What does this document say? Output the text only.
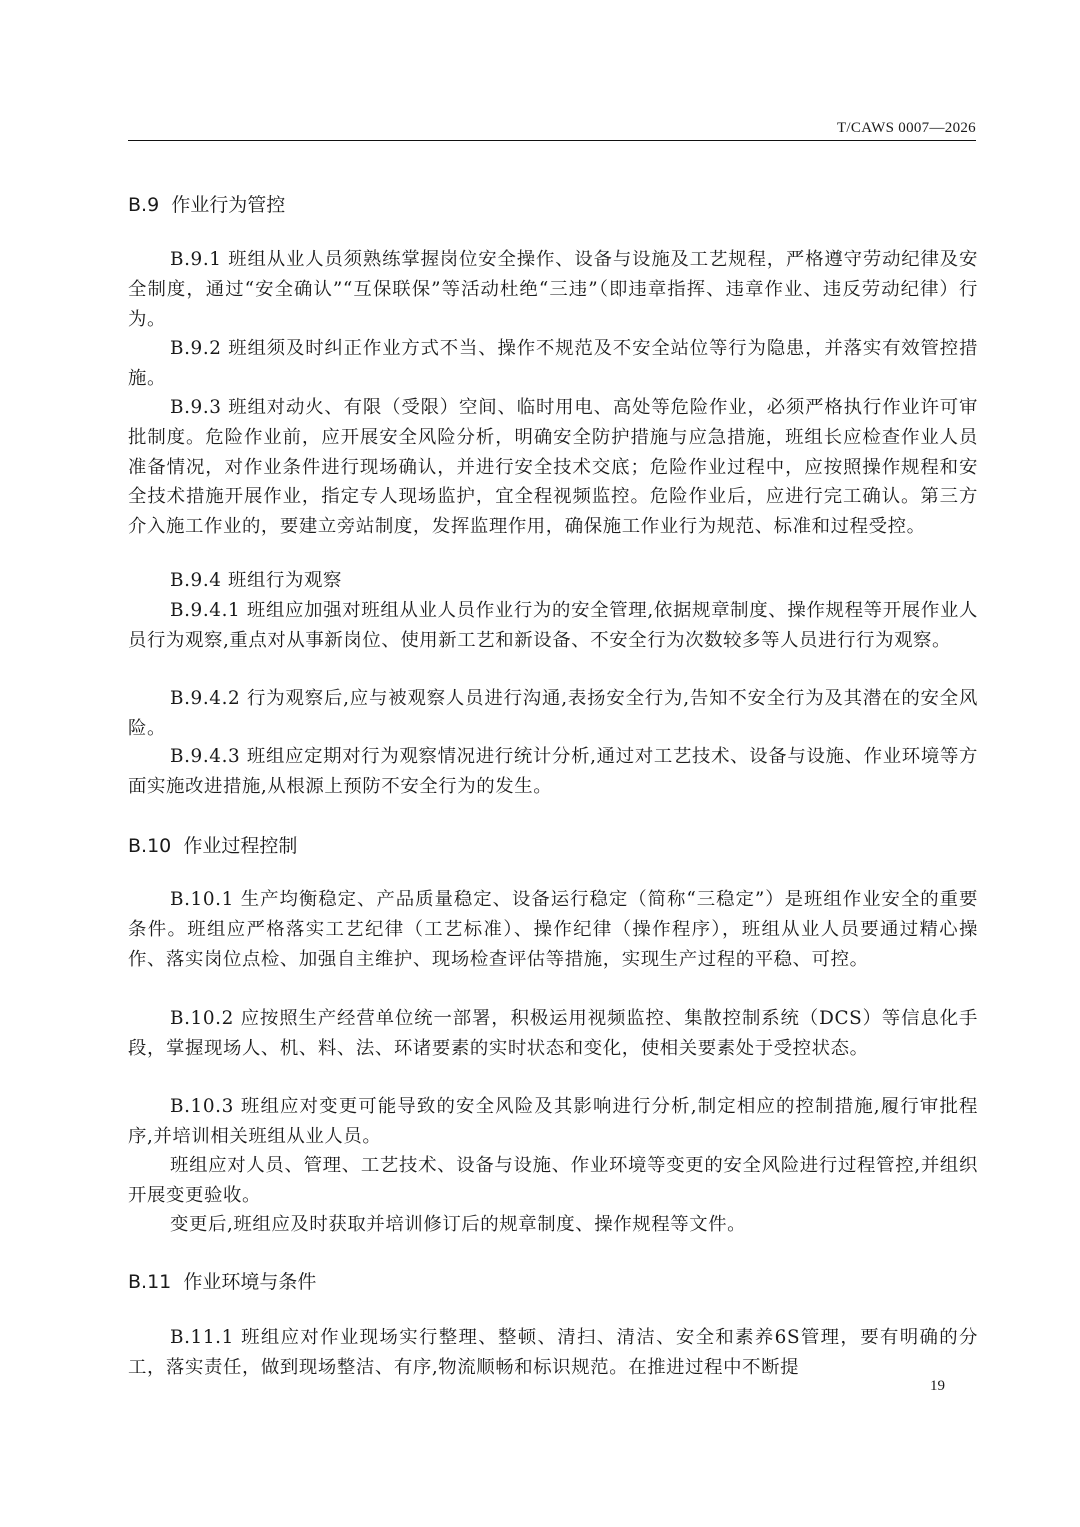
T/CAWS 0007—2026
B.9  作业行为管控
B.9.1 班组从业人员须熟练掌握岗位安全操作、设备与设施及工艺规程，严格遵守劳动纪律及安全制度，通过“安全确认”“互保联保”等活动杜绝“三违”（即违章指挥、违章作业、违反劳动纪律）行为。
B.9.2 班组须及时纠正作业方式不当、操作不规范及不安全站位等行为隐患，并落实有效管控措施。
B.9.3 班组对动火、有限（受限）空间、临时用电、高处等危险作业，必须严格执行作业许可审批制度。危险作业前，应开展安全风险分析，明确安全防护措施与应急措施，班组长应检查作业人员准备情况，对作业条件进行现场确认，并进行安全技术交底；危险作业过程中，应按照操作规程和安全技术措施开展作业，指定专人现场监护，宜全程视频监控。危险作业后，应进行完工确认。第三方介入施工作业的，要建立旁站制度，发挥监理作用，确保施工作业行为规范、标准和过程受控。
B.9.4 班组行为观察
B.9.4.1 班组应加强对班组从业人员作业行为的安全管理,依据规章制度、操作规程等开展作业人员行为观察,重点对从事新岗位、使用新工艺和新设备、不安全行为次数较多等人员进行行为观察。
B.9.4.2 行为观察后,应与被观察人员进行沟通,表扬安全行为,告知不安全行为及其潜在的安全风险。
B.9.4.3 班组应定期对行为观察情况进行统计分析,通过对工艺技术、设备与设施、作业环境等方面实施改进措施,从根源上预防不安全行为的发生。
B.10  作业过程控制
B.10.1 生产均衡稳定、产品质量稳定、设备运行稳定（简称“三稳定”）是班组作业安全的重要条件。班组应严格落实工艺纪律（工艺标准）、操作纪律（操作程序），班组从业人员要通过精心操作、落实岗位点检、加强自主维护、现场检查评估等措施，实现生产过程的平稳、可控。
B.10.2 应按照生产经营单位统一部署，积极运用视频监控、集散控制系统（DCS）等信息化手段，掌握现场人、机、料、法、环诸要素的实时状态和变化，使相关要素处于受控状态。
B.10.3 班组应对变更可能导致的安全风险及其影响进行分析,制定相应的控制措施,履行审批程序,并培训相关班组从业人员。
班组应对人员、管理、工艺技术、设备与设施、作业环境等变更的安全风险进行过程管控,并组织开展变更验收。
变更后,班组应及时获取并培训修订后的规章制度、操作规程等文件。
B.11  作业环境与条件
B.11.1 班组应对作业现场实行整理、整顿、清扫、清洁、安全和素养6S管理，要有明确的分工，落实责任，做到现场整洁、有序,物流顺畅和标识规范。在推进过程中不断提
19
